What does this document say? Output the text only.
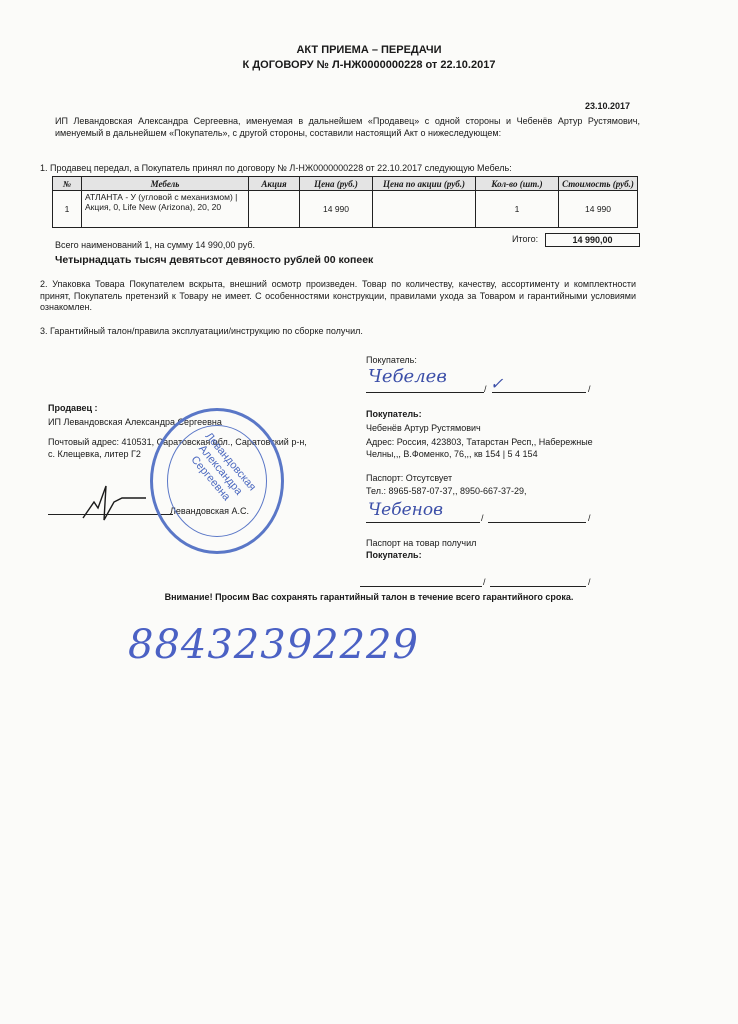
АКТ ПРИЕМА – ПЕРЕДАЧИ
К ДОГОВОРУ № Л-НЖ0000000228 от 22.10.2017
23.10.2017
ИП Левандовская Александра Сергеевна, именуемая в дальнейшем «Продавец» с одной стороны и Чебенёв Артур Рустямович, именуемый в дальнейшем «Покупатель», с другой стороны, составили настоящий Акт о нижеследующем:
1. Продавец передал, а Покупатель принял по договору № Л-НЖ0000000228 от 22.10.2017 следующую Мебель:
№	Мебель	Акция	Цена (руб.)	Цена по акции (руб.)	Кол-во (шт.)	Стоимость (руб.)
1	АТЛАНТА - У (угловой с механизмом) | Акция, 0, Life New (Arizona), 20, 20		14 990		1	14 990
Итого:	14 990,00
Всего наименований 1, на сумму 14 990,00 руб.
Четырнадцать тысяч девятьсот девяносто рублей 00 копеек
2. Упаковка Товара Покупателем вскрыта, внешний осмотр произведен. Товар по количеству, качеству, ассортименту и комплектности принят, Покупатель претензий к Товару не имеет. С особенностями конструкции, правилами ухода за Товаром и гарантийными условиями ознакомлен.
3. Гарантийный талон/правила эксплуатации/инструкцию по сборке получил.
Покупатель:
Чебелев	✓
/	/
Продавец :
ИП Левандовская Александра Сергеевна
Почтовый адрес: 410531, Саратовская обл., Саратовский р-н, с. Клещевка, литер Г2
Левандовская А.С.
Левандовская Александра Сергеевна
Покупатель:
Чебенёв Артур Рустямович
Адрес: Россия, 423803, Татарстан Респ,, Набережные Челны,,, В.Фоменко, 76,,, кв 154 | 5 4 154
Паспорт: Отсутсвует
Тел.: 8965-587-07-37,, 8950-667-37-29,
Чебенов	/	/
Паспорт на товар получил
Покупатель:
/	/
Внимание! Просим Вас сохранять гарантийный талон в течение всего гарантийного срока.
88432392229
